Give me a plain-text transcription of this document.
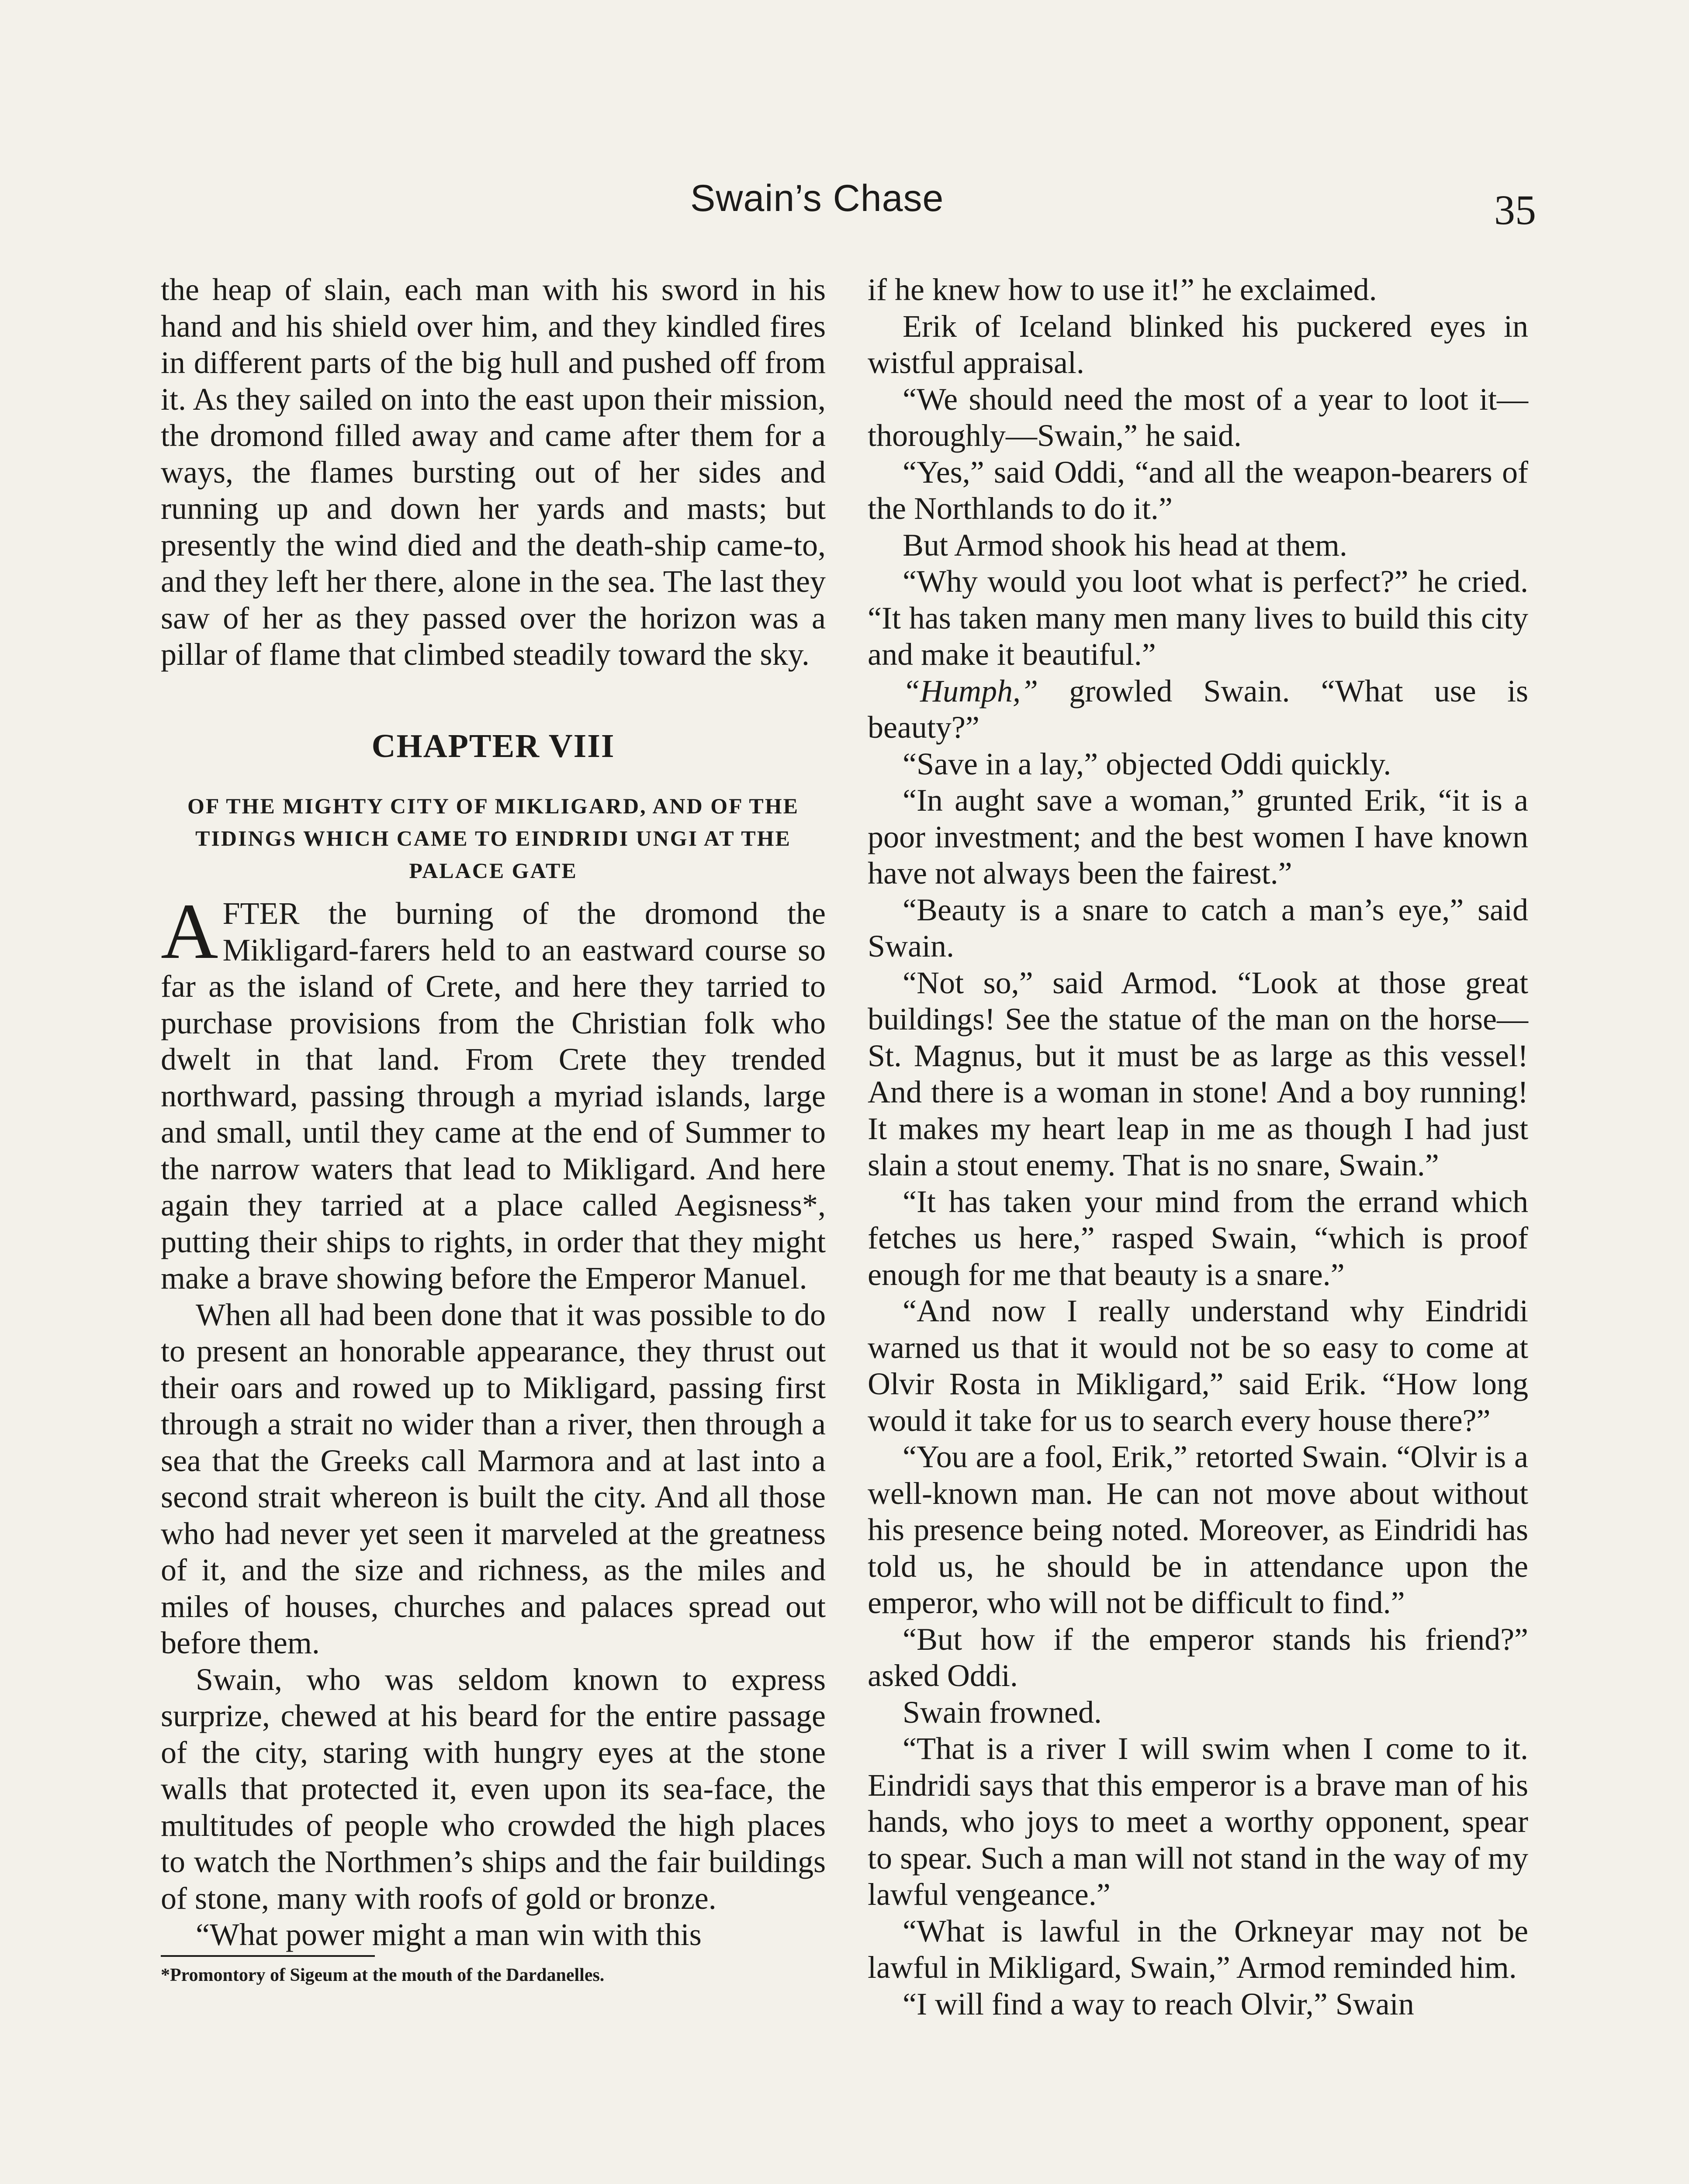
Swain’s Chase	35

the heap of slain, each man with his sword in his hand and his shield over him, and they kindled fires in different parts of the big hull and pushed off from it. As they sailed on into the east upon their mission, the dromond filled away and came after them for a ways, the flames bursting out of her sides and running up and down her yards and masts; but presently the wind died and the death-ship came-to, and they left her there, alone in the sea. The last they saw of her as they passed over the horizon was a pillar of flame that climbed steadily toward the sky.

CHAPTER VIII

OF THE MIGHTY CITY OF MIKLIGARD, AND OF THE TIDINGS WHICH CAME TO EINDRIDI UNGI AT THE PALACE GATE

AFTER the burning of the dromond the Mikligard-farers held to an eastward course so far as the island of Crete, and here they tarried to purchase provisions from the Christian folk who dwelt in that land. From Crete they trended northward, passing through a myriad islands, large and small, until they came at the end of Summer to the narrow waters that lead to Mikligard. And here again they tarried at a place called Aegisness*, putting their ships to rights, in order that they might make a brave showing before the Emperor Manuel.

When all had been done that it was possible to do to present an honorable appearance, they thrust out their oars and rowed up to Mikligard, passing first through a strait no wider than a river, then through a sea that the Greeks call Marmora and at last into a second strait whereon is built the city. And all those who had never yet seen it marveled at the greatness of it, and the size and richness, as the miles and miles of houses, churches and palaces spread out before them.

Swain, who was seldom known to express surprize, chewed at his beard for the entire passage of the city, staring with hungry eyes at the stone walls that protected it, even upon its sea-face, the multitudes of people who crowded the high places to watch the Northmen’s ships and the fair buildings of stone, many with roofs of gold or bronze.

“What power might a man win with this

*Promontory of Sigeum at the mouth of the Dardanelles.

if he knew how to use it!” he exclaimed.

Erik of Iceland blinked his puckered eyes in wistful appraisal.

“We should need the most of a year to loot it—thoroughly—Swain,” he said.

“Yes,” said Oddi, “and all the weapon-bearers of the Northlands to do it.”

But Armod shook his head at them.

“Why would you loot what is perfect?” he cried. “It has taken many men many lives to build this city and make it beautiful.”

“Humph,” growled Swain. “What use is beauty?”

“Save in a lay,” objected Oddi quickly.

“In aught save a woman,” grunted Erik, “it is a poor investment; and the best women I have known have not always been the fairest.”

“Beauty is a snare to catch a man’s eye,” said Swain.

“Not so,” said Armod. “Look at those great buildings! See the statue of the man on the horse—St. Magnus, but it must be as large as this vessel! And there is a woman in stone! And a boy running! It makes my heart leap in me as though I had just slain a stout enemy. That is no snare, Swain.”

“It has taken your mind from the errand which fetches us here,” rasped Swain, “which is proof enough for me that beauty is a snare.”

“And now I really understand why Eindridi warned us that it would not be so easy to come at Olvir Rosta in Mikligard,” said Erik. “How long would it take for us to search every house there?”

“You are a fool, Erik,” retorted Swain. “Olvir is a well-known man. He can not move about without his presence being noted. Moreover, as Eindridi has told us, he should be in attendance upon the emperor, who will not be difficult to find.”

“But how if the emperor stands his friend?” asked Oddi.

Swain frowned.

“That is a river I will swim when I come to it. Eindridi says that this emperor is a brave man of his hands, who joys to meet a worthy opponent, spear to spear. Such a man will not stand in the way of my lawful vengeance.”

“What is lawful in the Orkneyar may not be lawful in Mikligard, Swain,” Armod reminded him.

“I will find a way to reach Olvir,” Swain
